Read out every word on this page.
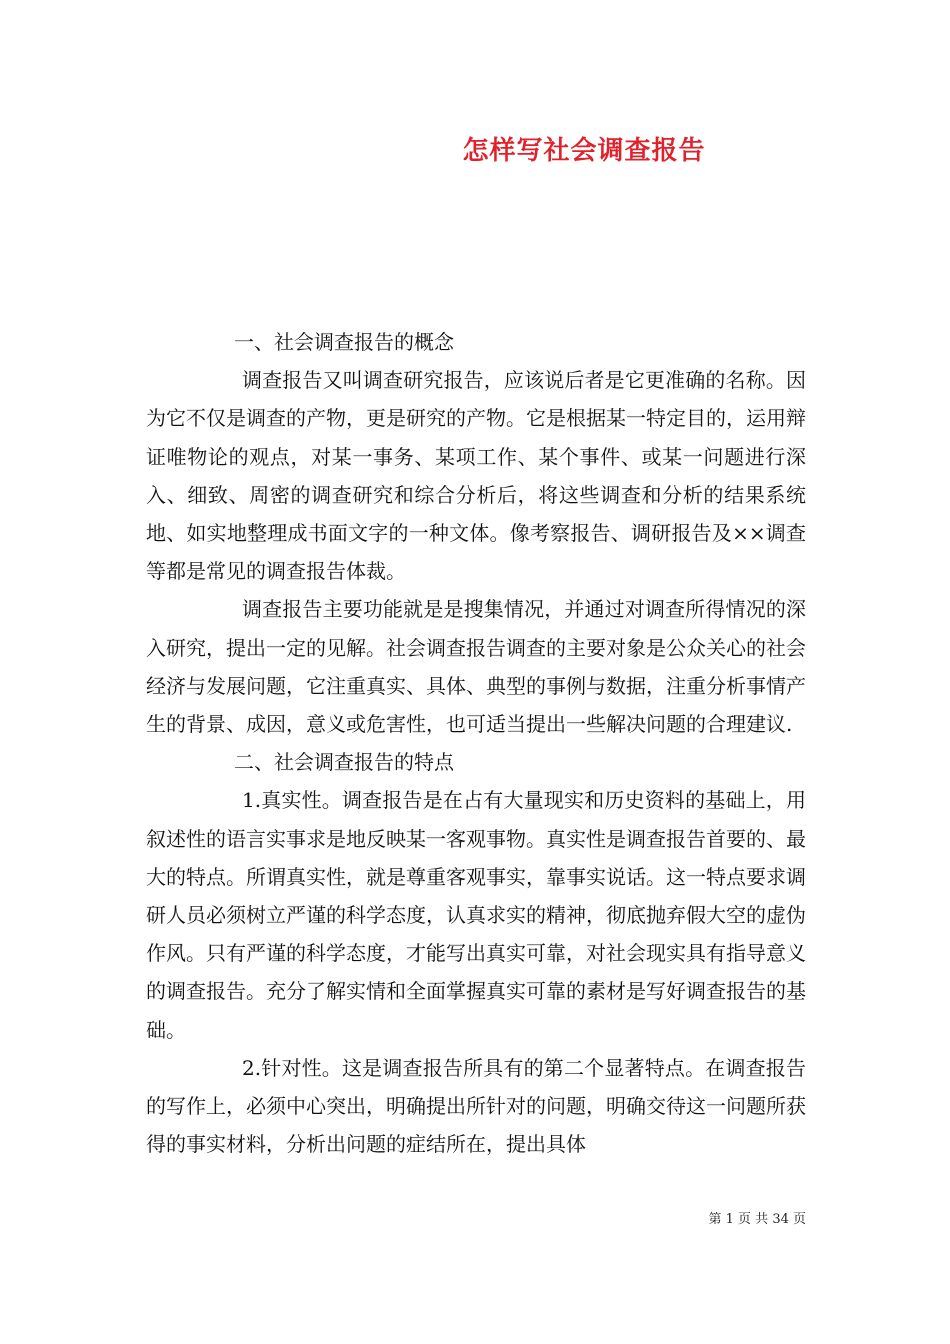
怎样写社会调查报告

一、社会调查报告的概念

调查报告又叫调查研究报告，应该说后者是它更准确的名称。因为它不仅是调查的产物，更是研究的产物。它是根据某一特定目的，运用辩证唯物论的观点，对某一事务、某项工作、某个事件、或某一问题进行深入、细致、周密的调查研究和综合分析后，将这些调查和分析的结果系统地、如实地整理成书面文字的一种文体。像考察报告、调研报告及××调查等都是常见的调查报告体裁。

调查报告主要功能就是是搜集情况，并通过对调查所得情况的深入研究，提出一定的见解。社会调查报告调查的主要对象是公众关心的社会经济与发展问题，它注重真实、具体、典型的事例与数据，注重分析事情产生的背景、成因，意义或危害性，也可适当提出一些解决问题的合理建议.

二、社会调查报告的特点

1.真实性。调查报告是在占有大量现实和历史资料的基础上，用叙述性的语言实事求是地反映某一客观事物。真实性是调查报告首要的、最大的特点。所谓真实性，就是尊重客观事实，靠事实说话。这一特点要求调研人员必须树立严谨的科学态度，认真求实的精神，彻底抛弃假大空的虚伪作风。只有严谨的科学态度，才能写出真实可靠，对社会现实具有指导意义的调查报告。充分了解实情和全面掌握真实可靠的素材是写好调查报告的基础。

2.针对性。这是调查报告所具有的第二个显著特点。在调查报告的写作上，必须中心突出，明确提出所针对的问题，明确交待这一问题所获得的事实材料，分析出问题的症结所在，提出具体

第 1 页 共 34 页
